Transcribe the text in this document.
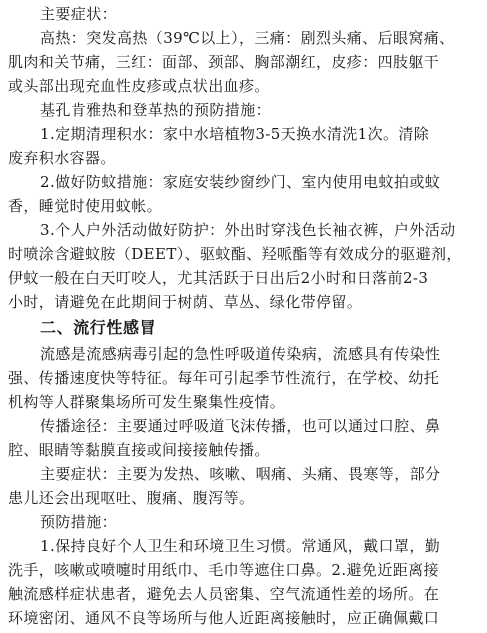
主要症状：
高热：突发高热（39℃以上），三痛：剧烈头痛、后眼窝痛、
肌肉和关节痛，三红：面部、颈部、胸部潮红，皮疹：四肢躯干
或头部出现充血性皮疹或点状出血疹。
基孔肯雅热和登革热的预防措施：
1.定期清理积水：家中水培植物3-5天换水清洗1次。清除
废弃积水容器。
2.做好防蚊措施：家庭安装纱窗纱门、室内使用电蚊拍或蚊
香，睡觉时使用蚊帐。
3.个人户外活动做好防护：外出时穿浅色长袖衣裤，户外活动
时喷涂含避蚊胺（DEET）、驱蚊酯、羟哌酯等有效成分的驱避剂，
伊蚊一般在白天叮咬人，尤其活跃于日出后2小时和日落前2-3
小时，请避免在此期间于树荫、草丛、绿化带停留。
二、流行性感冒
流感是流感病毒引起的急性呼吸道传染病，流感具有传染性
强、传播速度快等特征。每年可引起季节性流行，在学校、幼托
机构等人群聚集场所可发生聚集性疫情。
传播途径：主要通过呼吸道飞沫传播，也可以通过口腔、鼻
腔、眼睛等黏膜直接或间接接触传播。
主要症状：主要为发热、咳嗽、咽痛、头痛、畏寒等，部分
患儿还会出现呕吐、腹痛、腹泻等。
预防措施：
1.保持良好个人卫生和环境卫生习惯。常通风，戴口罩，勤
洗手，咳嗽或喷嚏时用纸巾、毛巾等遮住口鼻。2.避免近距离接
触流感样症状患者，避免去人员密集、空气流通性差的场所。在
环境密闭、通风不良等场所与他人近距离接触时，应正确佩戴口
